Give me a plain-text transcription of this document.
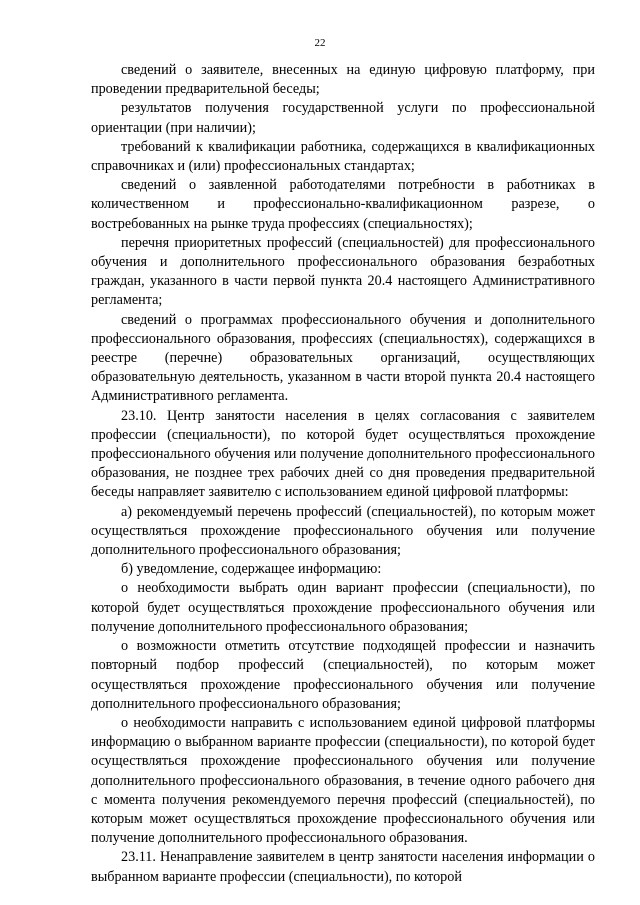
22

сведений о заявителе, внесенных на единую цифровую платформу, при проведении предварительной беседы;

результатов получения государственной услуги по профессиональной ориентации (при наличии);

требований к квалификации работника, содержащихся в квалификационных справочниках и (или) профессиональных стандартах;

сведений о заявленной работодателями потребности в работниках в количественном и профессионально-квалификационном разрезе, о востребованных на рынке труда профессиях (специальностях);

перечня приоритетных профессий (специальностей) для профессионального обучения и дополнительного профессионального образования безработных граждан, указанного в части первой пункта 20.4 настоящего Административного регламента;

сведений о программах профессионального обучения и дополнительного профессионального образования, профессиях (специальностях), содержащихся в реестре (перечне) образовательных организаций, осуществляющих образовательную деятельность, указанном в части второй пункта 20.4 настоящего Административного регламента.

23.10. Центр занятости населения в целях согласования с заявителем профессии (специальности), по которой будет осуществляться прохождение профессионального обучения или получение дополнительного профессионального образования, не позднее трех рабочих дней со дня проведения предварительной беседы направляет заявителю с использованием единой цифровой платформы:

а) рекомендуемый перечень профессий (специальностей), по которым может осуществляться прохождение профессионального обучения или получение дополнительного профессионального образования;

б) уведомление, содержащее информацию:

о необходимости выбрать один вариант профессии (специальности), по которой будет осуществляться прохождение профессионального обучения или получение дополнительного профессионального образования;

о возможности отметить отсутствие подходящей профессии и назначить повторный подбор профессий (специальностей), по которым может осуществляться прохождение профессионального обучения или получение дополнительного профессионального образования;

о необходимости направить с использованием единой цифровой платформы информацию о выбранном варианте профессии (специальности), по которой будет осуществляться прохождение профессионального обучения или получение дополнительного профессионального образования, в течение одного рабочего дня с момента получения рекомендуемого перечня профессий (специальностей), по которым может осуществляться прохождение профессионального обучения или получение дополнительного профессионального образования.

23.11. Ненаправление заявителем в центр занятости населения информации о выбранном варианте профессии (специальности), по которой
